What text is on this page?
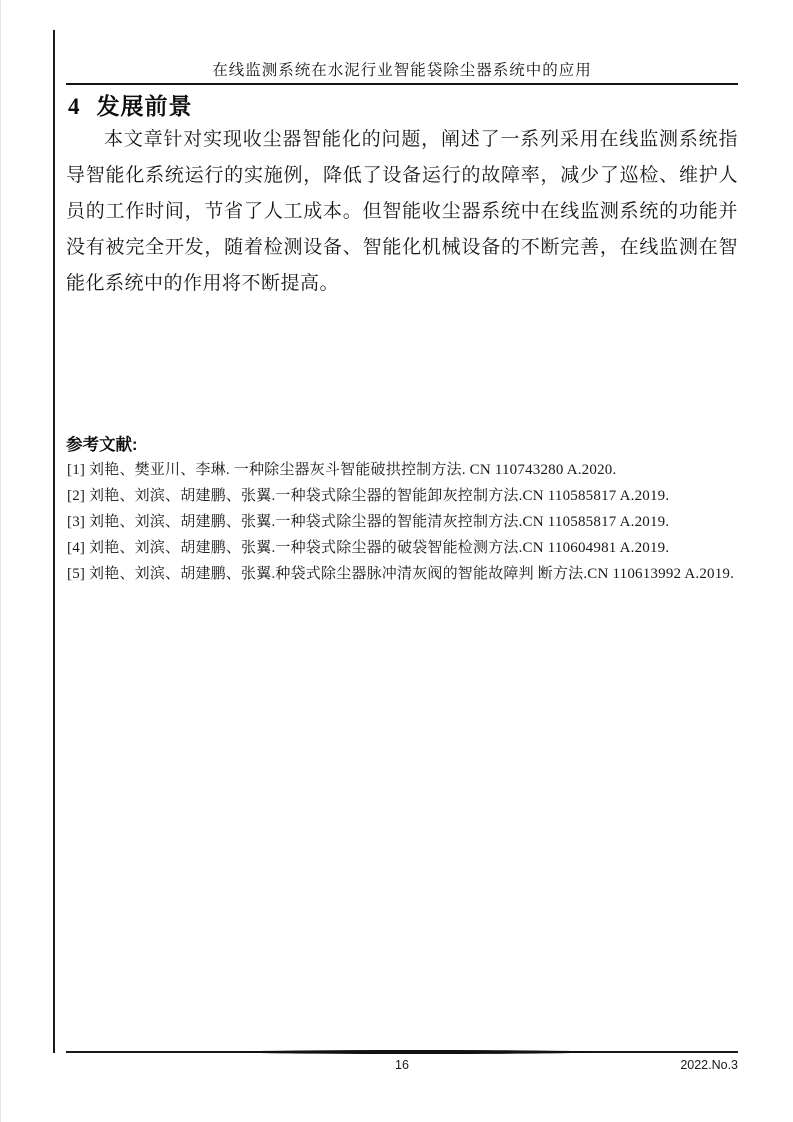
在线监测系统在水泥行业智能袋除尘器系统中的应用
4 发展前景

本文章针对实现收尘器智能化的问题，阐述了一系列采用在线监测系统指导智能化系统运行的实施例，降低了设备运行的故障率，减少了巡检、维护人员的工作时间，节省了人工成本。但智能收尘器系统中在线监测系统的功能并没有被完全开发，随着检测设备、智能化机械设备的不断完善，在线监测在智能化系统中的作用将不断提高。

参考文献:
[1] 刘艳、樊亚川、李琳. 一种除尘器灰斗智能破拱控制方法. CN 110743280 A.2020.
[2] 刘艳、刘滨、胡建鹏、张翼.一种袋式除尘器的智能卸灰控制方法.CN 110585817 A.2019.
[3] 刘艳、刘滨、胡建鹏、张翼.一种袋式除尘器的智能清灰控制方法.CN 110585817 A.2019.
[4] 刘艳、刘滨、胡建鹏、张翼.一种袋式除尘器的破袋智能检测方法.CN 110604981 A.2019.
[5] 刘艳、刘滨、胡建鹏、张翼.种袋式除尘器脉冲清灰阀的智能故障判 断方法.CN 110613992 A.2019.
16	2022.No.3
